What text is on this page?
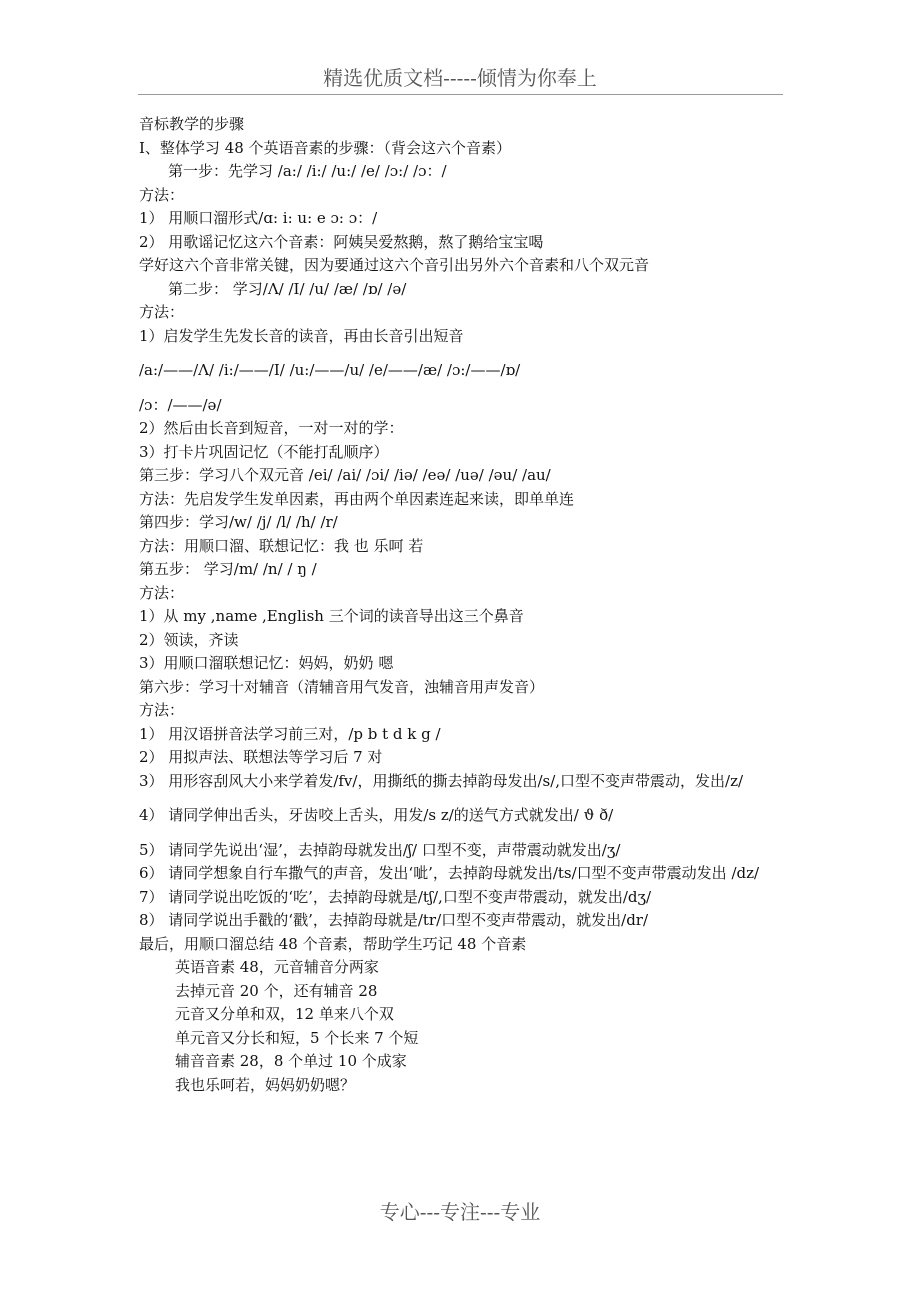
精选优质文档-----倾情为你奉上
音标教学的步骤
Ⅰ、整体学习 48 个英语音素的步骤：（背会这六个音素）
第一步：先学习 /a:/ /i:/ /u:/ /e/ /ɔ:/ /ɔ：/
方法：
1） 用顺口溜形式/ɑ: i: u: e ɔ: ɔ：/
2） 用歌谣记忆这六个音素：阿姨吴爱熬鹅，熬了鹅给宝宝喝
学好这六个音非常关键，因为要通过这六个音引出另外六个音素和八个双元音
第二步： 学习/Λ/ /I/ /u/ /æ/ /ɒ/ /ə/
方法：
1）启发学生先发长音的读音，再由长音引出短音
/a:/——/Λ/ /i:/——/I/ /u:/——/u/ /e/——/æ/ /ɔ:/——/ɒ/
/ɔ：/——/ə/
2）然后由长音到短音，一对一对的学：
3）打卡片巩固记忆（不能打乱顺序）
第三步：学习八个双元音 /ei/ /ai/ /ɔi/ /iə/ /eə/ /uə/ /əu/ /au/
方法：先启发学生发单因素，再由两个单因素连起来读，即单单连
第四步：学习/w/ /j/ /l/ /h/ /r/
方法：用顺口溜、联想记忆：我 也 乐呵 若
第五步： 学习/m/ /n/ / ŋ /
方法：
1）从 my ,name ,English 三个词的读音导出这三个鼻音
2）领读，齐读
3）用顺口溜联想记忆：妈妈，奶奶 嗯
第六步：学习十对辅音（清辅音用气发音，浊辅音用声发音）
方法：
1） 用汉语拼音法学习前三对，/p b t d k g /
2） 用拟声法、联想法等学习后 7 对
3） 用形容刮风大小来学着发/fv/，用撕纸的撕去掉韵母发出/s/,口型不变声带震动，发出/z/
4） 请同学伸出舌头，牙齿咬上舌头，用发/s z/的送气方式就发出/ ϑ ð/
5） 请同学先说出‘湿’，去掉韵母就发出/ʃ/ 口型不变，声带震动就发出/ʒ/
6） 请同学想象自行车撒气的声音，发出‘呲’，去掉韵母就发出/ts/口型不变声带震动发出 /dz/
7） 请同学说出吃饭的‘吃’，去掉韵母就是/tʃ/,口型不变声带震动，就发出/dʒ/
8） 请同学说出手戳的‘戳’，去掉韵母就是/tr/口型不变声带震动，就发出/dr/
最后，用顺口溜总结 48 个音素，帮助学生巧记 48 个音素
英语音素 48，元音辅音分两家
去掉元音 20 个，还有辅音 28
元音又分单和双，12 单来八个双
单元音又分长和短，5 个长来 7 个短
辅音音素 28，8 个单过 10 个成家
我也乐呵若，妈妈奶奶嗯？
专心---专注---专业
